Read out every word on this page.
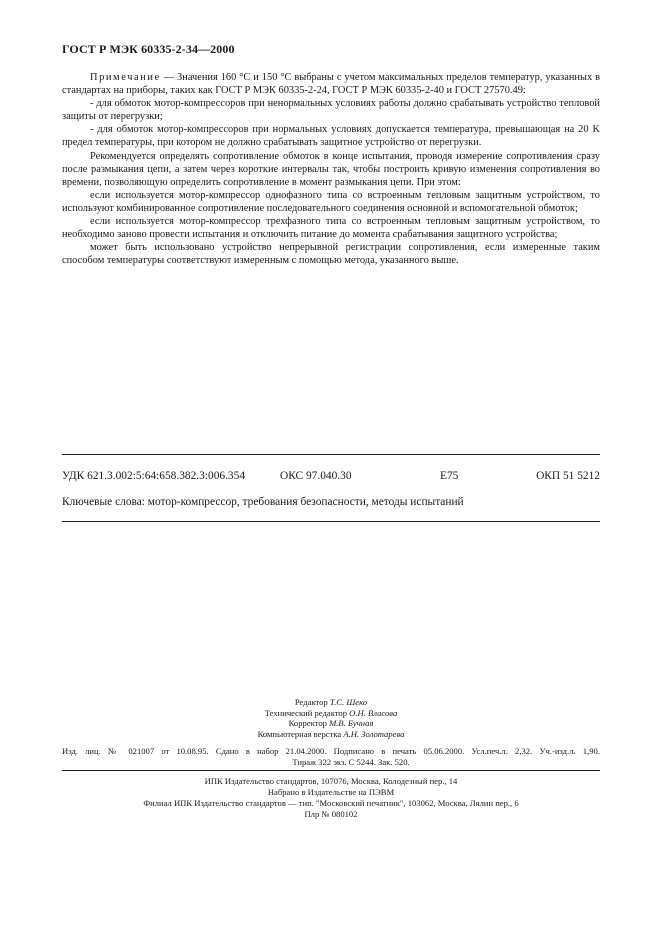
ГОСТ Р МЭК 60335-2-34—2000

Примечание — Значения 160 °С и 150 °С выбраны с учетом максимальных пределов температур, указанных в стандартах на приборы, таких как ГОСТ Р МЭК 60335-2-24, ГОСТ Р МЭК 60335-2-40 и ГОСТ 27570.49:

- для обмоток мотор-компрессоров при ненормальных условиях работы должно срабатывать устройство тепловой защиты от перегрузки;

- для обмоток мотор-компрессоров при нормальных условиях допускается температура, превышающая на 20 K предел температуры, при котором не должно срабатывать защитное устройство от перегрузки.

Рекомендуется определять сопротивление обмоток в конце испытания, проводя измерение сопротивления сразу после размыкания цепи, а затем через короткие интервалы так, чтобы построить кривую изменения сопротивления во времени, позволяющую определить сопротивление в момент размыкания цепи. При этом:

если используется мотор-компрессор однофазного типа со встроенным тепловым защитным устройством, то используют комбинированное сопротивление последовательного соединения основной и вспомогательной обмоток;

если используется мотор-компрессор трехфазного типа со встроенным тепловым защитным устройством, то необходимо заново провести испытания и отключить питание до момента срабатывания защитного устройства;

может быть использовано устройство непрерывной регистрации сопротивления, если измеренные таким способом температуры соответствуют измеренным с помощью метода, указанного выше.

УДК 621.3.002:5:64:658.382.3:006.354	ОКС 97.040.30	Е75	ОКП 51 5212
Ключевые слова: мотор-компрессор, требования безопасности, методы испытаний
Редактор Т.С. Шеко
Технический редактор О.Н. Власова
Корректор М.В. Бучная
Компьютерная верстка А.Н. Золотарева
Изд. лиц. № 021007 от 10.08.95. Сдано в набор 21.04.2000. Подписано в печать 05.06.2000. Усл.печ.л. 2,32. Уч.-изд.л. 1,90.
Тираж 322 экз. С 5244. Зак. 520.
ИПК Издательство стандартов, 107076, Москва, Колодезный пер., 14
Набрано в Издательстве на ПЭВМ
Филиал ИПК Издательство стандартов — тип. "Московский печатник", 103062, Москва, Лялин пер., 6
Плр № 080102
